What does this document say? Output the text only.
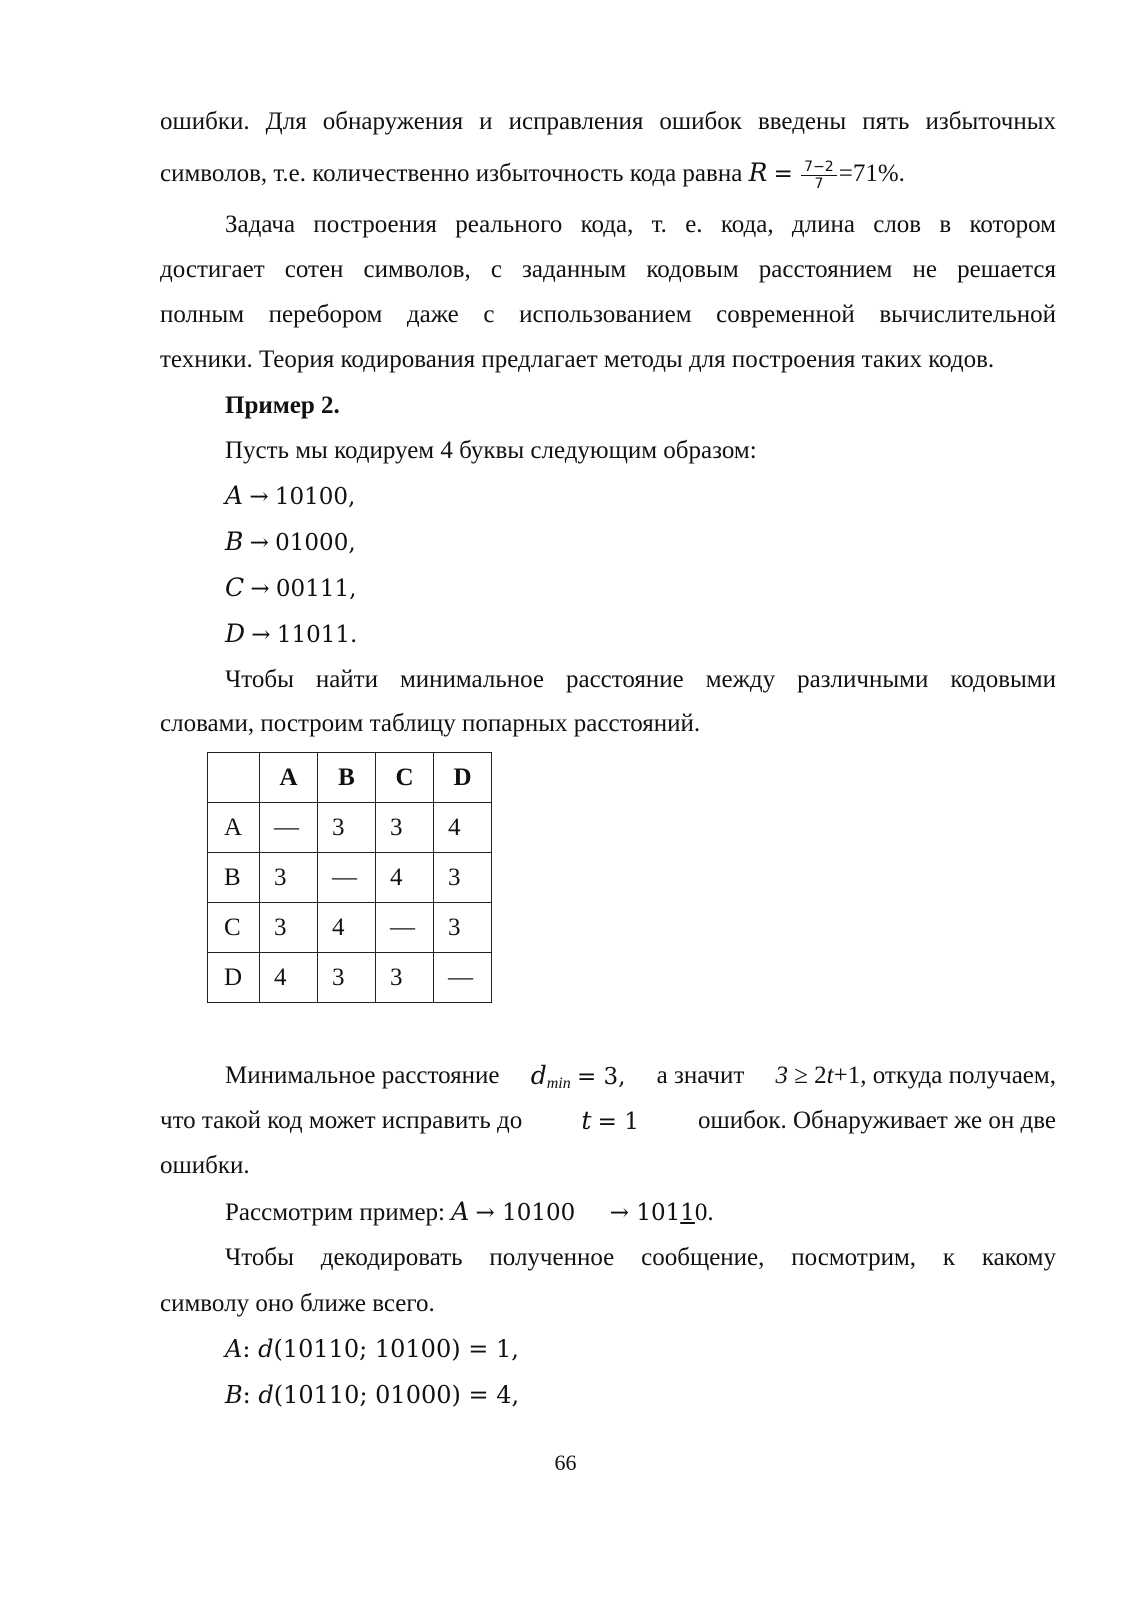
ошибки. Для обнаружения и исправления ошибок введены пять избыточных
символов, т.е. количественно избыточность кода равна $R = \frac{7-2}{7} =71\%$.
Задача построения реального кода, т. е. кода, длина слов в котором
достигает сотен символов, с заданным кодовым расстоянием не решается
полным перебором даже с использованием современной вычислительной
техники. Теория кодирования предлагает методы для построения таких кодов.
Пример 2.
Пусть мы кодируем 4 буквы следующим образом:
A → 10100,
B → 01000,
C → 00111,
D → 11011.
Чтобы найти минимальное расстояние между различными кодовыми
словами, построим таблицу попарных расстояний.
	A	B	C	D
A	—	3	3	4
B	3	—	4	3
C	3	4	—	3
D	4	3	3	—
Минимальное расстояние $d_{min} = 3$, а значит 3 ≥ 2t+1, откуда получаем,
что такой код может исправить до t = 1 ошибок. Обнаруживает же он две
ошибки.
Рассмотрим пример: A → 10100 → 10110.
Чтобы декодировать полученное сообщение, посмотрим, к какому
символу оно ближе всего.
A: d(10110; 10100) = 1,
B: d(10110; 01000) = 4,
66
